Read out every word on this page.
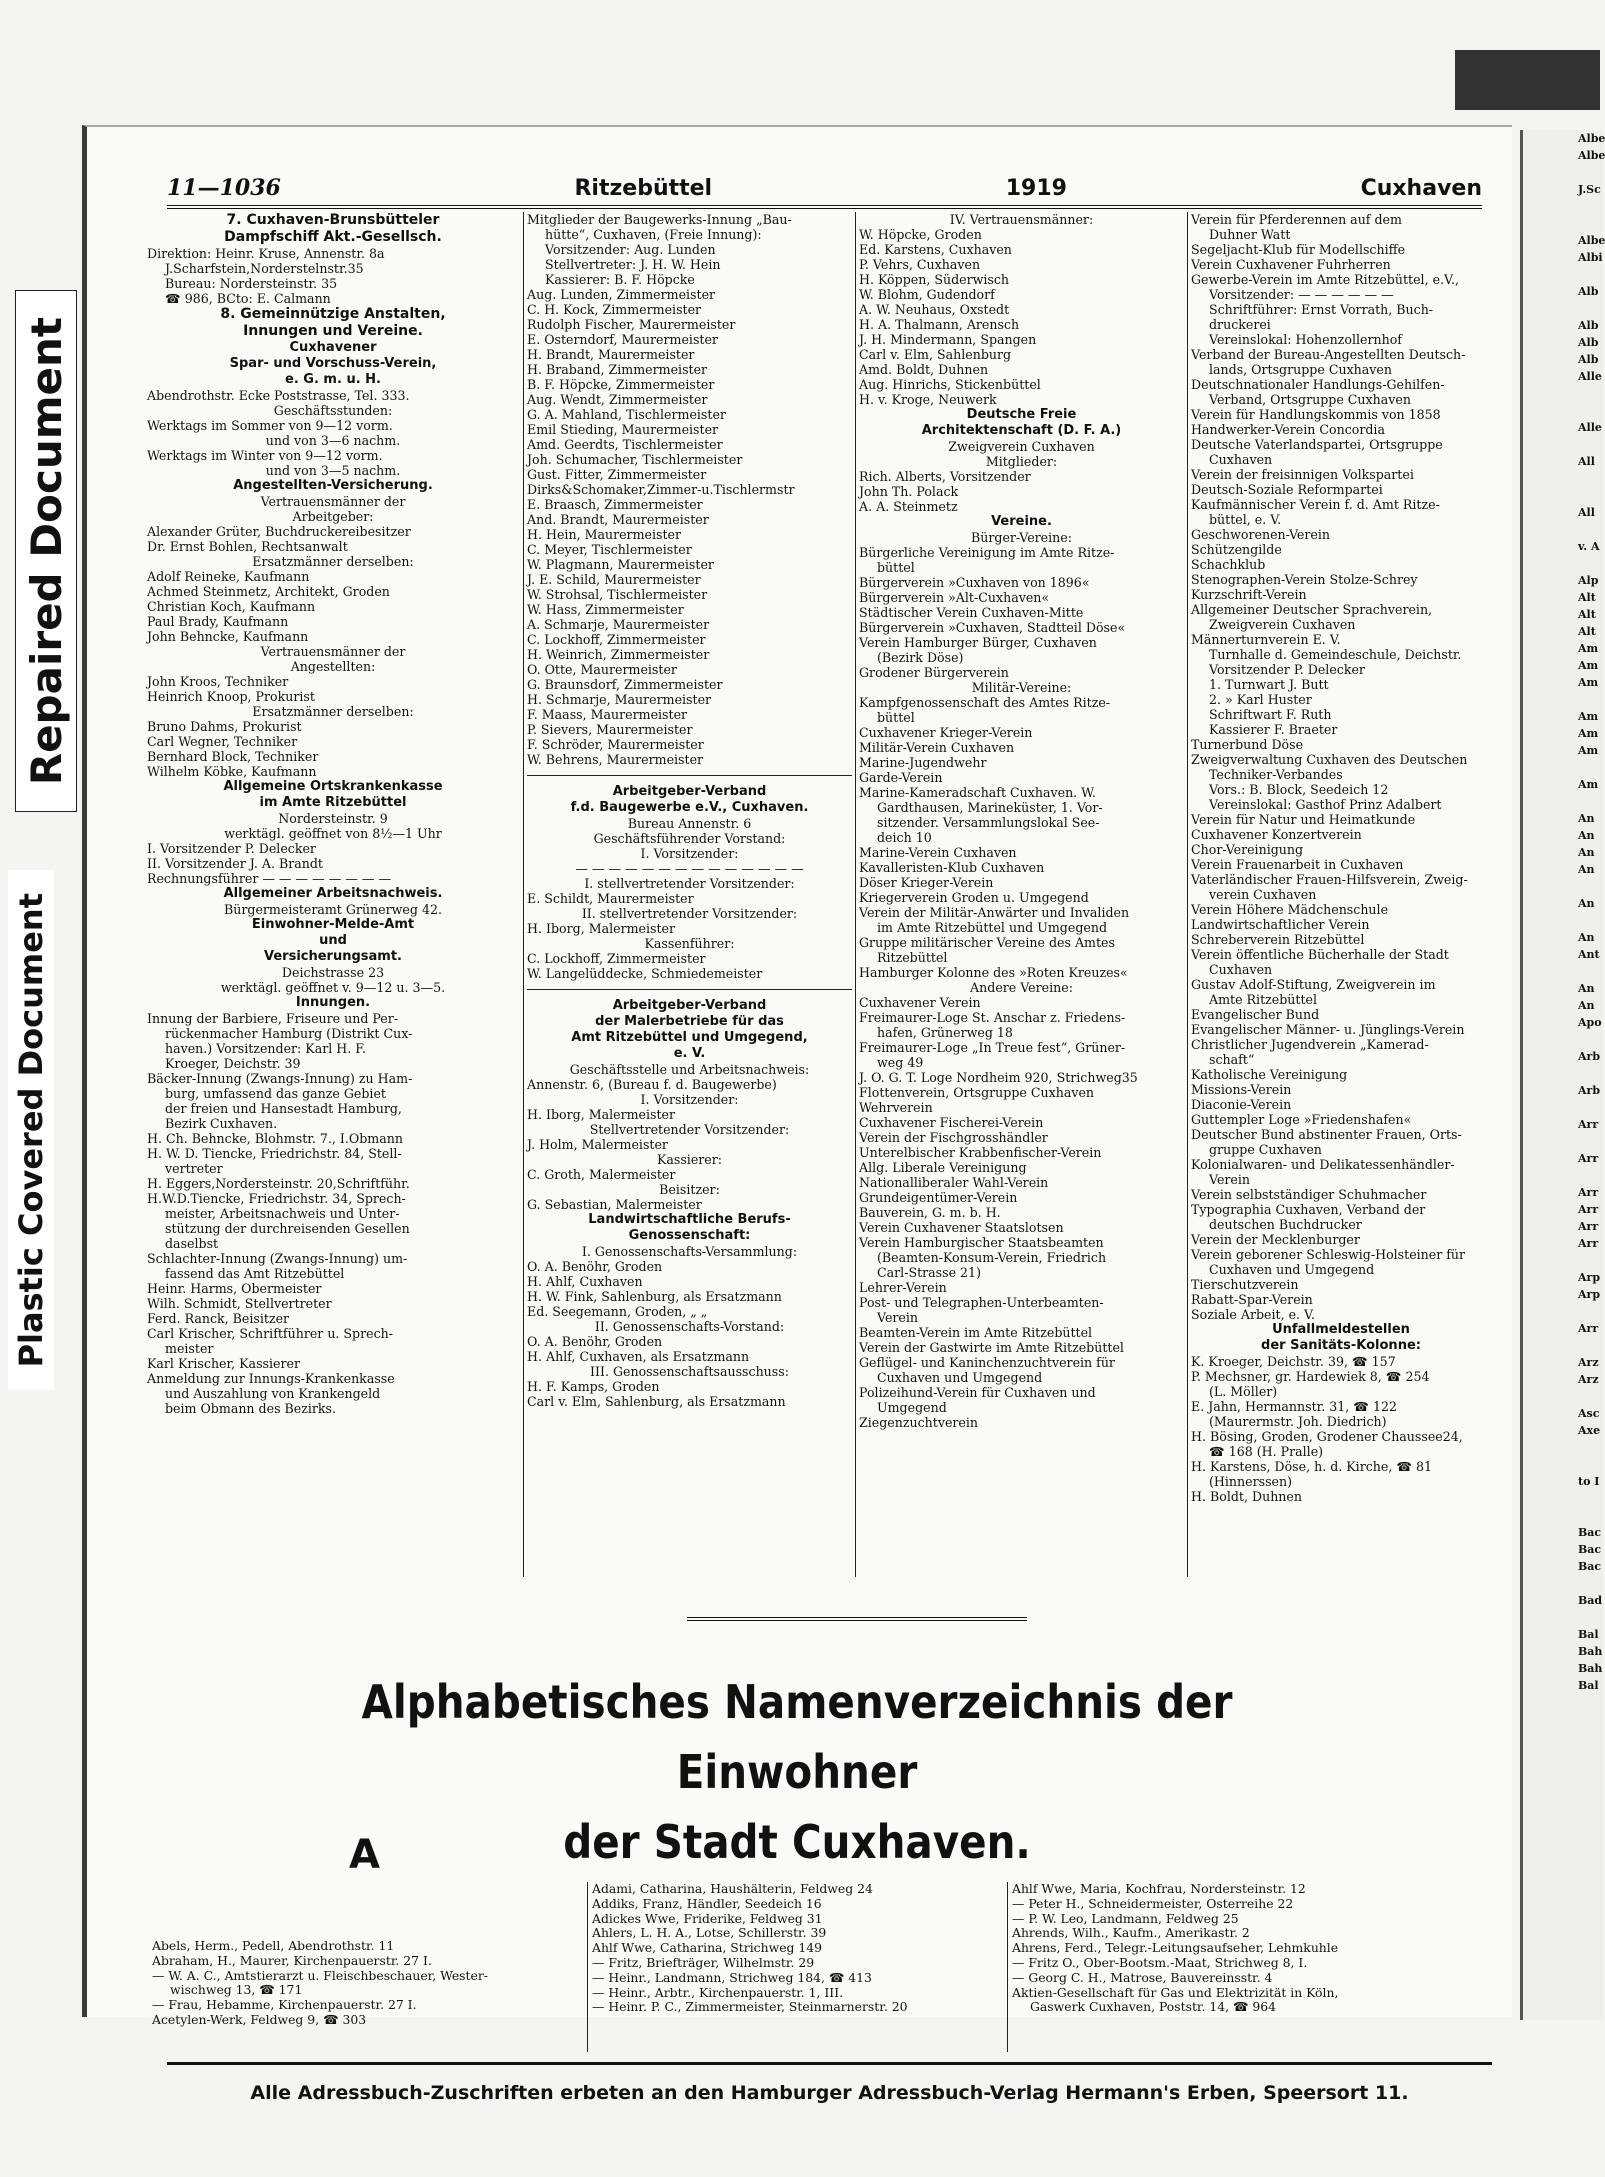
Repaired Document
Plastic Covered Document
Albe
Albe

J.Sc

Albe
Albi

Alb

Alb
Alb
Alb
Alle

Alle

All

All

v. A

Alp
Alt
Alt
Alt
Am
Am
Am

Am
Am
Am

Am

An
An
An
An

An

An
Ant

An
An
Apo

Arb

Arb

Arr

Arr

Arr
Arr
Arr
Arr

Arp
Arp

Arr

Arz
Arz

Asc
Axe

to I

Bac
Bac
Bac

Bad

Bal
Bah
Bah
Bal
11—1036	Ritzebüttel	1919	Cuxhaven
7. Cuxhaven-Brunsbütteler
Dampfschiff Akt.-Gesellsch.
Direktion: Heinr. Kruse, Annenstr. 8a
J.Scharfstein,Norderstelnstr.35
Bureau: Nordersteinstr. 35
☎ 986, BCto: E. Calmann
8. Gemeinnützige Anstalten,
Innungen und Vereine.
Cuxhavener
Spar- und Vorschuss-Verein,
e. G. m. u. H.
Abendrothstr. Ecke Poststrasse, Tel. 333.
Geschäftsstunden:
Werktags im Sommer von 9—12 vorm.
und von 3—6 nachm.
Werktags im Winter von 9—12 vorm.
und von 3—5 nachm.
Angestellten-Versicherung.
Vertrauensmänner der
Arbeitgeber:
Alexander Grüter, Buchdruckereibesitzer
Dr. Ernst Bohlen, Rechtsanwalt
Ersatzmänner derselben:
Adolf Reineke, Kaufmann
Achmed Steinmetz, Architekt, Groden
Christian Koch, Kaufmann
Paul Brady, Kaufmann
John Behncke, Kaufmann
Vertrauensmänner der
Angestellten:
John Kroos, Techniker
Heinrich Knoop, Prokurist
Ersatzmänner derselben:
Bruno Dahms, Prokurist
Carl Wegner, Techniker
Bernhard Block, Techniker
Wilhelm Köbke, Kaufmann
Allgemeine Ortskrankenkasse
im Amte Ritzebüttel
Nordersteinstr. 9
werktägl. geöffnet von 8½—1 Uhr
I. Vorsitzender P. Delecker
II. Vorsitzender J. A. Brandt
Rechnungsführer — — — — — — — —
Allgemeiner Arbeitsnachweis.
Bürgermeisteramt Grünerweg 42.
Einwohner-Melde-Amt
und
Versicherungsamt.
Deichstrasse 23
werktägl. geöffnet v. 9—12 u. 3—5.
Innungen.
Innung der Barbiere, Friseure und Per-
rückenmacher Hamburg (Distrikt Cux-
haven.) Vorsitzender: Karl H. F.
Kroeger, Deichstr. 39
Bäcker-Innung (Zwangs-Innung) zu Ham-
burg, umfassend das ganze Gebiet
der freien und Hansestadt Hamburg,
Bezirk Cuxhaven.
H. Ch. Behncke, Blohmstr. 7., I.Obmann
H. W. D. Tiencke, Friedrichstr. 84, Stell-
vertreter
H. Eggers,Nordersteinstr. 20,Schriftführ.
H.W.D.Tiencke, Friedrichstr. 34, Sprech-
meister, Arbeitsnachweis und Unter-
stützung der durchreisenden Gesellen
daselbst
Schlachter-Innung (Zwangs-Innung) um-
fassend das Amt Ritzebüttel
Heinr. Harms, Obermeister
Wilh. Schmidt, Stellvertreter
Ferd. Ranck, Beisitzer
Carl Krischer, Schriftführer u. Sprech-
meister
Karl Krischer, Kassierer
Anmeldung zur Innungs-Krankenkasse
und Auszahlung von Krankengeld
beim Obmann des Bezirks.
Mitglieder der Baugewerks-Innung „Bau-
hütte“, Cuxhaven, (Freie Innung):
Vorsitzender: Aug. Lunden
Stellvertreter: J. H. W. Hein
Kassierer: B. F. Höpcke
Aug. Lunden, Zimmermeister
C. H. Kock, Zimmermeister
Rudolph Fischer, Maurermeister
E. Osterndorf, Maurermeister
H. Brandt, Maurermeister
H. Braband, Zimmermeister
B. F. Höpcke, Zimmermeister
Aug. Wendt, Zimmermeister
G. A. Mahland, Tischlermeister
Emil Stieding, Maurermeister
Amd. Geerdts, Tischlermeister
Joh. Schumacher, Tischlermeister
Gust. Fitter, Zimmermeister
Dirks&Schomaker,Zimmer-u.Tischlermstr
E. Braasch, Zimmermeister
And. Brandt, Maurermeister
H. Hein, Maurermeister
C. Meyer, Tischlermeister
W. Plagmann, Maurermeister
J. E. Schild, Maurermeister
W. Strohsal, Tischlermeister
W. Hass, Zimmermeister
A. Schmarje, Maurermeister
C. Lockhoff, Zimmermeister
H. Weinrich, Zimmermeister
O. Otte, Maurermeister
G. Braunsdorf, Zimmermeister
H. Schmarje, Maurermeister
F. Maass, Maurermeister
P. Sievers, Maurermeister
F. Schröder, Maurermeister
W. Behrens, Maurermeister
Arbeitgeber-Verband
f.d. Baugewerbe e.V., Cuxhaven.
Bureau Annenstr. 6
Geschäftsführender Vorstand:
I. Vorsitzender:
— — — — — — — — — — — — — —
I. stellvertretender Vorsitzender:
E. Schildt, Maurermeister
II. stellvertretender Vorsitzender:
H. Iborg, Malermeister
Kassenführer:
C. Lockhoff, Zimmermeister
W. Langelüddecke, Schmiedemeister
Arbeitgeber-Verband
der Malerbetriebe für das
Amt Ritzebüttel und Umgegend,
e. V.
Geschäftsstelle und Arbeitsnachweis:
Annenstr. 6, (Bureau f. d. Baugewerbe)
I. Vorsitzender:
H. Iborg, Malermeister
Stellvertretender Vorsitzender:
J. Holm, Malermeister
Kassierer:
C. Groth, Malermeister
Beisitzer:
G. Sebastian, Malermeister
Landwirtschaftliche Berufs-
Genossenschaft:
I. Genossenschafts-Versammlung:
O. A. Benöhr, Groden
H. Ahlf, Cuxhaven
H. W. Fink, Sahlenburg, als Ersatzmann
Ed. Seegemann, Groden, „ „
II. Genossenschafts-Vorstand:
O. A. Benöhr, Groden
H. Ahlf, Cuxhaven, als Ersatzmann
III. Genossenschaftsausschuss:
H. F. Kamps, Groden
Carl v. Elm, Sahlenburg, als Ersatzmann
IV. Vertrauensmänner:
W. Höpcke, Groden
Ed. Karstens, Cuxhaven
P. Vehrs, Cuxhaven
H. Köppen, Süderwisch
W. Blohm, Gudendorf
A. W. Neuhaus, Oxstedt
H. A. Thalmann, Arensch
J. H. Mindermann, Spangen
Carl v. Elm, Sahlenburg
Amd. Boldt, Duhnen
Aug. Hinrichs, Stickenbüttel
H. v. Kroge, Neuwerk
Deutsche Freie
Architektenschaft (D. F. A.)
Zweigverein Cuxhaven
Mitglieder:
Rich. Alberts, Vorsitzender
John Th. Polack
A. A. Steinmetz
Vereine.
Bürger-Vereine:
Bürgerliche Vereinigung im Amte Ritze-
büttel
Bürgerverein »Cuxhaven von 1896«
Bürgerverein »Alt-Cuxhaven«
Städtischer Verein Cuxhaven-Mitte
Bürgerverein »Cuxhaven, Stadtteil Döse«
Verein Hamburger Bürger, Cuxhaven
(Bezirk Döse)
Grodener Bürgerverein
Militär-Vereine:
Kampfgenossenschaft des Amtes Ritze-
büttel
Cuxhavener Krieger-Verein
Militär-Verein Cuxhaven
Marine-Jugendwehr
Garde-Verein
Marine-Kameradschaft Cuxhaven. W.
Gardthausen, Marineküster, 1. Vor-
sitzender. Versammlungslokal See-
deich 10
Marine-Verein Cuxhaven
Kavalleristen-Klub Cuxhaven
Döser Krieger-Verein
Kriegerverein Groden u. Umgegend
Verein der Militär-Anwärter und Invaliden
im Amte Ritzebüttel und Umgegend
Gruppe militärischer Vereine des Amtes
Ritzebüttel
Hamburger Kolonne des »Roten Kreuzes«
Andere Vereine:
Cuxhavener Verein
Freimaurer-Loge St. Anschar z. Friedens-
hafen, Grünerweg 18
Freimaurer-Loge „In Treue fest“, Grüner-
weg 49
J. O. G. T. Loge Nordheim 920, Strichweg35
Flottenverein, Ortsgruppe Cuxhaven
Wehrverein
Cuxhavener Fischerei-Verein
Verein der Fischgrosshändler
Unterelbischer Krabbenfischer-Verein
Allg. Liberale Vereinigung
Nationalliberaler Wahl-Verein
Grundeigentümer-Verein
Bauverein, G. m. b. H.
Verein Cuxhavener Staatslotsen
Verein Hamburgischer Staatsbeamten
(Beamten-Konsum-Verein, Friedrich
Carl-Strasse 21)
Lehrer-Verein
Post- und Telegraphen-Unterbeamten-
Verein
Beamten-Verein im Amte Ritzebüttel
Verein der Gastwirte im Amte Ritzebüttel
Geflügel- und Kaninchenzuchtverein für
Cuxhaven und Umgegend
Polizeihund-Verein für Cuxhaven und
Umgegend
Ziegenzuchtverein
Verein für Pferderennen auf dem
Duhner Watt
Segeljacht-Klub für Modellschiffe
Verein Cuxhavener Fuhrherren
Gewerbe-Verein im Amte Ritzebüttel, e.V.,
Vorsitzender: — — — — — —
Schriftführer: Ernst Vorrath, Buch-
druckerei
Vereinslokal: Hohenzollernhof
Verband der Bureau-Angestellten Deutsch-
lands, Ortsgruppe Cuxhaven
Deutschnationaler Handlungs-Gehilfen-
Verband, Ortsgruppe Cuxhaven
Verein für Handlungskommis von 1858
Handwerker-Verein Concordia
Deutsche Vaterlandspartei, Ortsgruppe
Cuxhaven
Verein der freisinnigen Volkspartei
Deutsch-Soziale Reformpartei
Kaufmännischer Verein f. d. Amt Ritze-
büttel, e. V.
Geschworenen-Verein
Schützengilde
Schachklub
Stenographen-Verein Stolze-Schrey
Kurzschrift-Verein
Allgemeiner Deutscher Sprachverein,
Zweigverein Cuxhaven
Männerturnverein E. V.
Turnhalle d. Gemeindeschule, Deichstr.
Vorsitzender P. Delecker
1. Turnwart J. Butt
2. » Karl Huster
Schriftwart F. Ruth
Kassierer F. Braeter
Turnerbund Döse
Zweigverwaltung Cuxhaven des Deutschen
Techniker-Verbandes
Vors.: B. Block, Seedeich 12
Vereinslokal: Gasthof Prinz Adalbert
Verein für Natur und Heimatkunde
Cuxhavener Konzertverein
Chor-Vereinigung
Verein Frauenarbeit in Cuxhaven
Vaterländischer Frauen-Hilfsverein, Zweig-
verein Cuxhaven
Verein Höhere Mädchenschule
Landwirtschaftlicher Verein
Schreberverein Ritzebüttel
Verein öffentliche Bücherhalle der Stadt
Cuxhaven
Gustav Adolf-Stiftung, Zweigverein im
Amte Ritzebüttel
Evangelischer Bund
Evangelischer Männer- u. Jünglings-Verein
Christlicher Jugendverein „Kamerad-
schaft“
Katholische Vereinigung
Missions-Verein
Diaconie-Verein
Guttempler Loge »Friedenshafen«
Deutscher Bund abstinenter Frauen, Orts-
gruppe Cuxhaven
Kolonialwaren- und Delikatessenhändler-
Verein
Verein selbstständiger Schuhmacher
Typographia Cuxhaven, Verband der
deutschen Buchdrucker
Verein der Mecklenburger
Verein geborener Schleswig-Holsteiner für
Cuxhaven und Umgegend
Tierschutzverein
Rabatt-Spar-Verein
Soziale Arbeit, e. V.
Unfallmeldestellen
der Sanitäts-Kolonne:
K. Kroeger, Deichstr. 39, ☎ 157
P. Mechsner, gr. Hardewiek 8, ☎ 254
(L. Möller)
E. Jahn, Hermannstr. 31, ☎ 122
(Maurermstr. Joh. Diedrich)
H. Bösing, Groden, Grodener Chaussee24,
☎ 168 (H. Pralle)
H. Karstens, Döse, h. d. Kirche, ☎ 81
(Hinnerssen)
H. Boldt, Duhnen
Alphabetisches Namenverzeichnis der Einwohner
der Stadt Cuxhaven.
A
Abels, Herm., Pedell, Abendrothstr. 11
Abraham, H., Maurer, Kirchenpauerstr. 27 I.
— W. A. C., Amtstierarzt u. Fleischbeschauer, Wester-
wischweg 13, ☎ 171
— Frau, Hebamme, Kirchenpauerstr. 27 I.
Acetylen-Werk, Feldweg 9, ☎ 303
Adami, Catharina, Haushälterin, Feldweg 24
Addiks, Franz, Händler, Seedeich 16
Adickes Wwe, Friderike, Feldweg 31
Ahlers, L. H. A., Lotse, Schillerstr. 39
Ahlf Wwe, Catharina, Strichweg 149
— Fritz, Briefträger, Wilhelmstr. 29
— Heinr., Landmann, Strichweg 184, ☎ 413
— Heinr., Arbtr., Kirchenpauerstr. 1, III.
— Heinr. P. C., Zimmermeister, Steinmarnerstr. 20
Ahlf Wwe, Maria, Kochfrau, Nordersteinstr. 12
— Peter H., Schneidermeister, Osterreihe 22
— P. W. Leo, Landmann, Feldweg 25
Ahrends, Wilh., Kaufm., Amerikastr. 2
Ahrens, Ferd., Telegr.-Leitungsaufseher, Lehmkuhle
— Fritz O., Ober-Bootsm.-Maat, Strichweg 8, I.
— Georg C. H., Matrose, Bauvereinsstr. 4
Aktien-Gesellschaft für Gas und Elektrizität in Köln,
Gaswerk Cuxhaven, Poststr. 14, ☎ 964
Alle Adressbuch-Zuschriften erbeten an den Hamburger Adressbuch-Verlag Hermann's Erben, Speersort 11.
